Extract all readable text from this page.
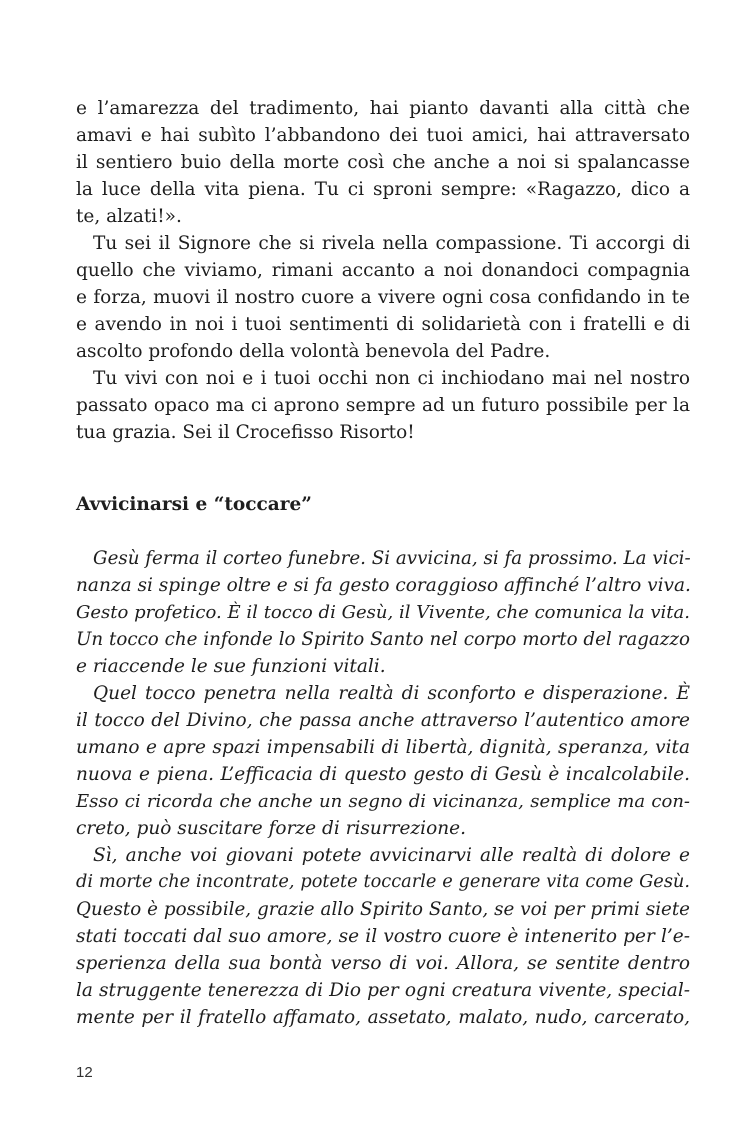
e l’amarezza del tradimento, hai pianto davanti alla città che
amavi e hai subìto l’abbandono dei tuoi amici, hai attraversato
il sentiero buio della morte così che anche a noi si spalancasse
la luce della vita piena. Tu ci sproni sempre: «Ragazzo, dico a
te, alzati!».
Tu sei il Signore che si rivela nella compassione. Ti accorgi di
quello che viviamo, rimani accanto a noi donandoci compagnia
e forza, muovi il nostro cuore a vivere ogni cosa confidando in te
e avendo in noi i tuoi sentimenti di solidarietà con i fratelli e di
ascolto profondo della volontà benevola del Padre.
Tu vivi con noi e i tuoi occhi non ci inchiodano mai nel nostro
passato opaco ma ci aprono sempre ad un futuro possibile per la
tua grazia. Sei il Crocefisso Risorto!
Avvicinarsi e “toccare”
Gesù ferma il corteo funebre. Si avvicina, si fa prossimo. La vici-
nanza si spinge oltre e si fa gesto coraggioso affinché l’altro viva.
Gesto profetico. È il tocco di Gesù, il Vivente, che comunica la vita.
Un tocco che infonde lo Spirito Santo nel corpo morto del ragazzo
e riaccende le sue funzioni vitali.
Quel tocco penetra nella realtà di sconforto e disperazione. È
il tocco del Divino, che passa anche attraverso l’autentico amore
umano e apre spazi impensabili di libertà, dignità, speranza, vita
nuova e piena. L’efficacia di questo gesto di Gesù è incalcolabile.
Esso ci ricorda che anche un segno di vicinanza, semplice ma con-
creto, può suscitare forze di risurrezione.
Sì, anche voi giovani potete avvicinarvi alle realtà di dolore e
di morte che incontrate, potete toccarle e generare vita come Gesù.
Questo è possibile, grazie allo Spirito Santo, se voi per primi siete
stati toccati dal suo amore, se il vostro cuore è intenerito per l’e-
sperienza della sua bontà verso di voi. Allora, se sentite dentro
la struggente tenerezza di Dio per ogni creatura vivente, special-
mente per il fratello affamato, assetato, malato, nudo, carcerato,
12
